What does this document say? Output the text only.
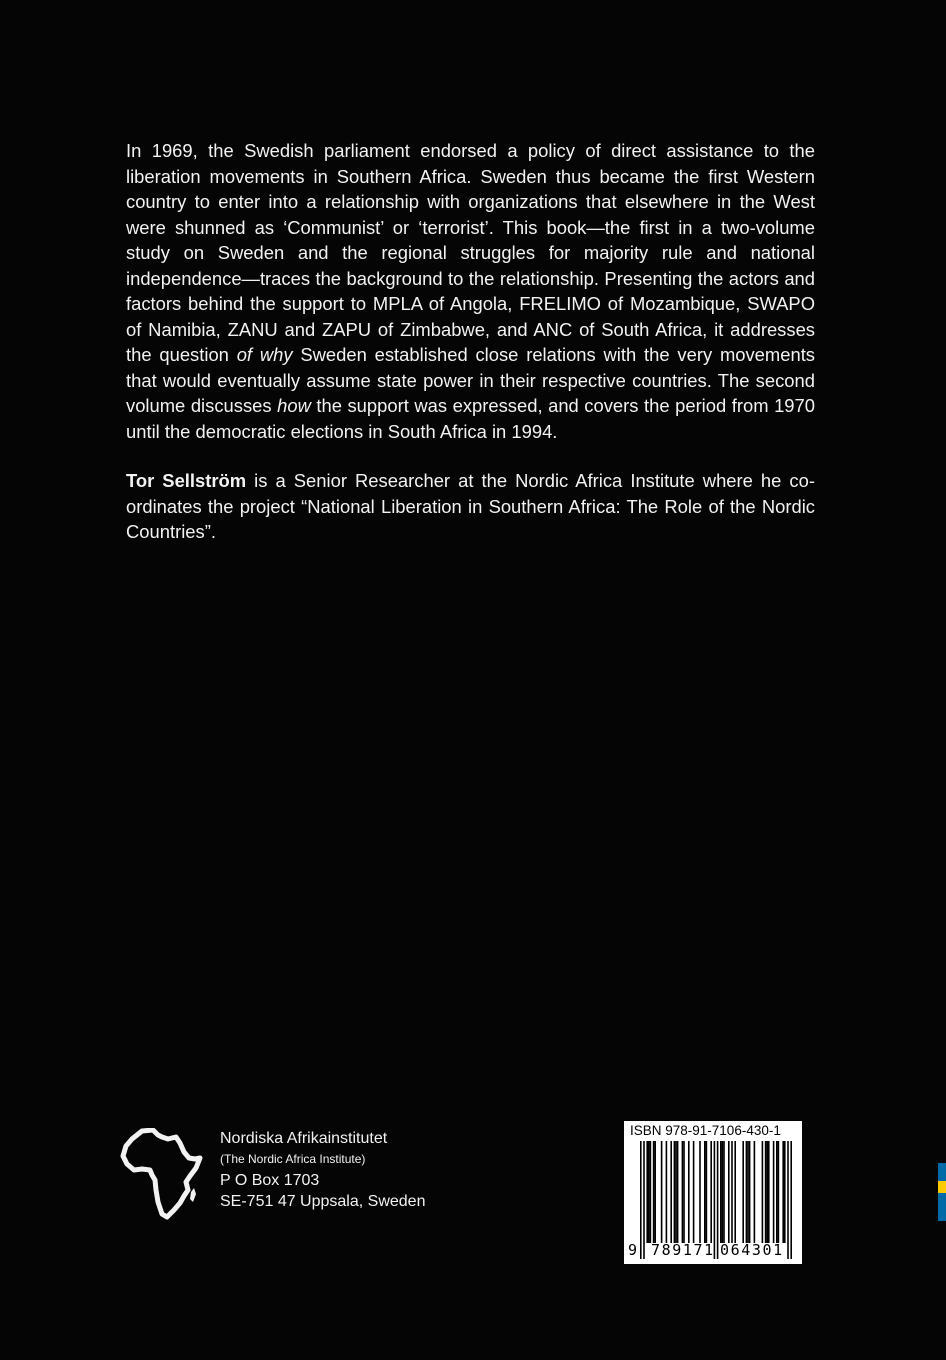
In 1969, the Swedish parliament endorsed a policy of direct assistance to the liberation movements in Southern Africa. Sweden thus became the first Western country to enter into a relationship with organizations that elsewhere in the West were shunned as ‘Communist’ or ‘terrorist’. This book—the first in a two-volume study on Sweden and the regional struggles for majority rule and national independence—traces the background to the relationship. Presenting the actors and factors behind the support to MPLA of Angola, FRELIMO of Mozambique, SWAPO of Namibia, ZANU and ZAPU of Zimbabwe, and ANC of South Africa, it addresses the question of why Sweden established close relations with the very movements that would eventually assume state power in their respective countries. The second volume discusses how the support was expressed, and covers the period from 1970 until the democratic elections in South Africa in 1994.

Tor Sellström is a Senior Researcher at the Nordic Africa Institute where he co-ordinates the project “National Liberation in Southern Africa: The Role of the Nordic Countries”.

Nordiska Afrikainstitutet
(The Nordic Africa Institute)
P O Box 1703
SE-751 47 Uppsala, Sweden
ISBN 978-91-7106-430-1
9 789171 064301
